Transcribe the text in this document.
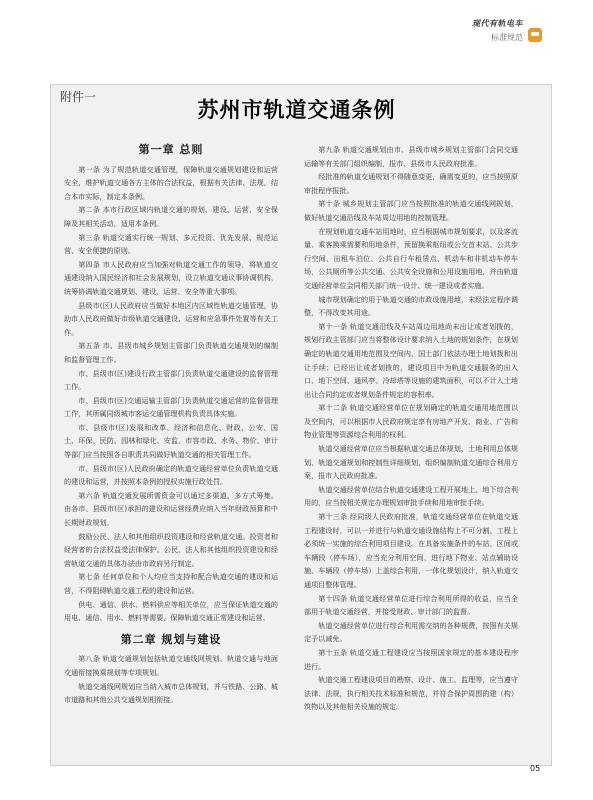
现代有轨电车
标准规范
附件一
苏州市轨道交通条例
第一章 总则
第一条 为了规范轨道交通管理，保障轨道交通规划建设和运营安全，维护轨道交通各方主体的合法权益，根据有关法律、法规，结合本市实际，制定本条例。
第二条 本市行政区域内轨道交通的规划、建设、运营、安全保障及其相关活动，适用本条例。
第三条 轨道交通实行统一规划、多元投资、优先发展、规范运营、安全便捷的原则。
第四条 市人民政府应当加强对轨道交通工作的领导，将轨道交通建设纳入国民经济和社会发展规划，设立轨道交通议事协调机构，统筹协调轨道交通规划、建设、运营、安全等重大事项。
县级市(区)人民政府应当做好本地区内区域性轨道交通管理，协助市人民政府做好市级轨道交通建设、运营和应急事件处置等有关工作。
第五条 市、县级市城乡规划主管部门负责轨道交通规划的编制和监督管理工作。
市、县级市(区)建设行政主管部门负责轨道交通建设的监督管理工作。
市、县级市(区)交通运输主管部门负责轨道交通运营的监督管理工作，其所属同级城市客运交通管理机构负责具体实施。
市、县级市(区)发展和改革、经济和信息化、财政、公安、国土、环保、民防、园林和绿化、安监、市容市政、水务、物价、审计等部门应当按照各自职责共同做好轨道交通的相关管理工作。
市、县级市(区)人民政府确定的轨道交通经营单位负责轨道交通的建设和运营，并按照本条例的授权实施行政处罚。
第六条 轨道交通发展所需资金可以通过多渠道、多方式筹集。由各市、县级市(区)承担的建设和运营经费应纳入当年财政预算和中长期财政规划。
鼓励公民、法人和其他组织投资建设和经营轨道交通。投资者和经营者的合法权益受法律保护。公民、法人和其他组织投资建设和经营轨道交通的具体办法由市政府另行制定。
第七条 任何单位和个人均应当支持和配合轨道交通的建设和运营，不得阻碍轨道交通工程的建设和运营。
供电、通信、供水、燃料供应等相关单位，应当保证轨道交通的用电、通信、用水、燃料等需要，保障轨道交通正常建设和运营。
第二章 规划与建设
第八条 轨道交通规划包括轨道交通线网规划、轨道交通与地面交通衔接换乘规划等专项规划。
轨道交通线网规划应当纳入城市总体规划，并与铁路、公路、城市道路和其他公共交通规划相衔接。
第九条 轨道交通规划由市、县级市城乡规划主管部门会同交通运输等有关部门组织编制，报市、县级市人民政府批准。
经批准的轨道交通规划不得随意变更，确需变更的，应当按照原审批程序报批。
第十条 城乡规划主管部门应当按照批准的轨道交通线网规划，做好轨道交通沿线及车站周边用地的控制管理。
在规划轨道交通车站用地时，应当根据城市规划要求，以及客流量、乘客换乘需要和用地条件，预留换乘枢纽或公交首末站、公共步行空间、出租车泊位、公共自行车租赁点、机动车和非机动车停车场，公共厕所等公共交通、公共安全设施和公用设施用地，并由轨道交通经营单位会同相关部门统一设计、统一建设或者实施。
城市规划确定的用于轨道交通的市政设施用地，未经法定程序调整，不得改变其用途。
第十一条 轨道交通沿线及车站周边用地尚未出让或者划拨的，规划行政主管部门应当将整体设计要求纳入土地的规划条件，在规划确定的轨道交通用地范围及空间内，国土部门依法办理土地划拨和出让手续；已经出让或者划拨的，建设项目中为轨道交通服务的出入口、地下空间、通风亭、冷却塔等设施的建筑面积，可以不计入土地出让合同约定或者规划条件规定的容积率。
第十二条 轨道交通经营单位在规划确定的轨道交通用地范围以及空间内，可以根据市人民政府规定享有房地产开发、商业、广告和物业管理等资源综合利用的权利。
轨道交通经营单位应当根据轨道交通总体规划、土地利用总体规划、轨道交通规划和控制性详细规划，组织编制轨道交通综合利用方案，报市人民政府批准。
轨道交通经营单位结合轨道交通建设工程开展地上、地下综合利用的，应当按相关规定办理规划审批手续和用地审批手续。
第十三条 经同级人民政府批准，轨道交通经营单位在轨道交通工程建设时，可以一并进行与轨道交通设施结构上不可分割、工程上必须统一实施的综合利用项目建设。在具备实施条件的车站、区间或车辆段（停车场），应当充分利用空间，进行地下物业、站点辅助设施、车辆段（停车场）上盖综合利用，一体化规划设计，纳入轨道交通项目整体管理。
第十四条 轨道交通经营单位进行综合利用所得的收益，应当全部用于轨道交通经营，并接受财政、审计部门的监督。
轨道交通经营单位进行综合利用需交纳的各种规费，按照有关规定予以减免。
第十五条 轨道交通工程建设应当按照国家规定的基本建设程序进行。
轨道交通工程建设项目的勘察、设计、施工、监理等，应当遵守法律、法规，执行相关技术标准和规范，并符合保护周围的建（构）筑物以及其他相关设施的规定。
05
